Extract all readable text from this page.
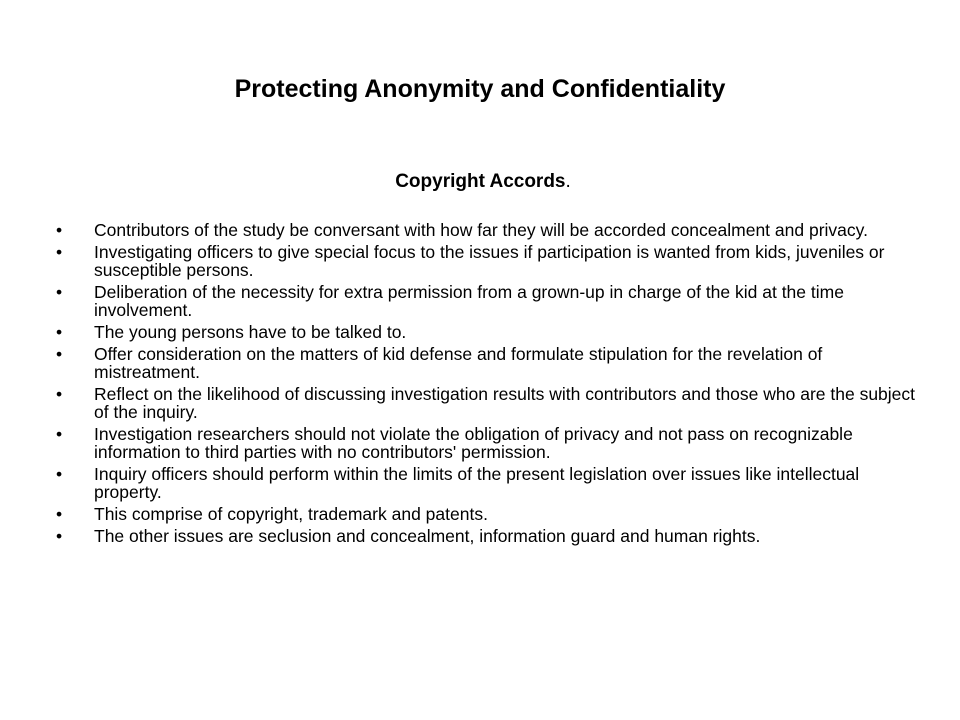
Protecting Anonymity and Confidentiality

Copyright Accords.

•	Contributors of the study be conversant with how far they will be accorded concealment and privacy.
•	Investigating officers to give special focus to the issues if participation is wanted from kids, juveniles or susceptible persons.
•	Deliberation of the necessity for extra permission from a grown-up in charge of the kid at the time involvement.
•	The young persons have to be talked to.
•	Offer consideration on the matters of kid defense and formulate stipulation for the revelation of mistreatment.
•	Reflect on the likelihood of discussing investigation results with contributors and those who are the subject of the inquiry.
•	Investigation researchers should not violate the obligation of privacy and not pass on recognizable information to third parties with no contributors' permission.
•	Inquiry officers should perform within the limits of the present legislation over issues like intellectual property.
•	This comprise of copyright, trademark and patents.
•	The other issues are seclusion and concealment, information guard and human rights.
